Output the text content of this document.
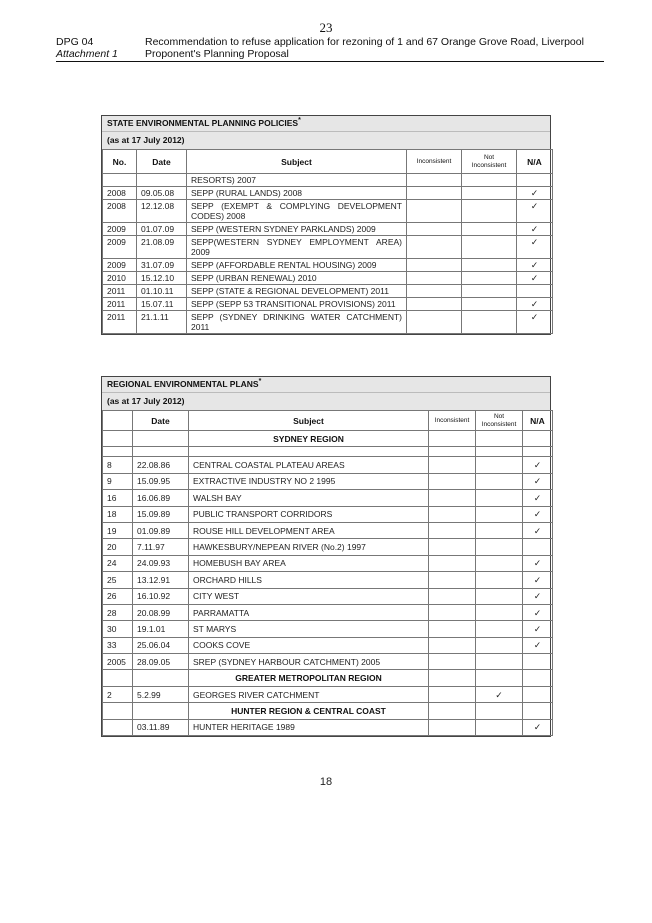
23
DPG 04	Recommendation to refuse application for rezoning of 1 and 67 Orange Grove Road, Liverpool
Attachment 1	Proponent's Planning Proposal
STATE ENVIRONMENTAL PLANNING POLICIES*
(as at 17 July 2012)
No.	Date	Subject	Inconsistent	Not Inconsistent	N/A
		RESORTS) 2007			
2008	09.05.08	SEPP (RURAL LANDS) 2008			✓
2008	12.12.08	SEPP (EXEMPT & COMPLYING DEVELOPMENT CODES) 2008			✓
2009	01.07.09	SEPP (WESTERN SYDNEY PARKLANDS) 2009			✓
2009	21.08.09	SEPP(WESTERN SYDNEY EMPLOYMENT AREA) 2009			✓
2009	31.07.09	SEPP (AFFORDABLE RENTAL HOUSING) 2009			✓
2010	15.12.10	SEPP (URBAN RENEWAL) 2010			✓
2011	01.10.11	SEPP (STATE & REGIONAL DEVELOPMENT) 2011			
2011	15.07.11	SEPP (SEPP 53 TRANSITIONAL PROVISIONS) 2011			✓
2011	21.1.11	SEPP (SYDNEY DRINKING WATER CATCHMENT) 2011			✓
REGIONAL ENVIRONMENTAL PLANS*
(as at 17 July 2012)
	Date	Subject	Inconsistent	Not Inconsistent	N/A
		SYDNEY REGION			

8	22.08.86	CENTRAL COASTAL PLATEAU AREAS			✓
9	15.09.95	EXTRACTIVE INDUSTRY NO 2 1995			✓
16	16.06.89	WALSH BAY			✓
18	15.09.89	PUBLIC TRANSPORT CORRIDORS			✓
19	01.09.89	ROUSE HILL DEVELOPMENT AREA			✓
20	7.11.97	HAWKESBURY/NEPEAN RIVER (No.2) 1997			
24	24.09.93	HOMEBUSH BAY AREA			✓
25	13.12.91	ORCHARD HILLS			✓
26	16.10.92	CITY WEST			✓
28	20.08.99	PARRAMATTA			✓
30	19.1.01	ST MARYS			✓
33	25.06.04	COOKS COVE			✓
2005	28.09.05	SREP (SYDNEY HARBOUR CATCHMENT) 2005			
		GREATER METROPOLITAN REGION			
2	5.2.99	GEORGES RIVER CATCHMENT		✓	
		HUNTER REGION & CENTRAL COAST			
	03.11.89	HUNTER HERITAGE 1989			✓
18
